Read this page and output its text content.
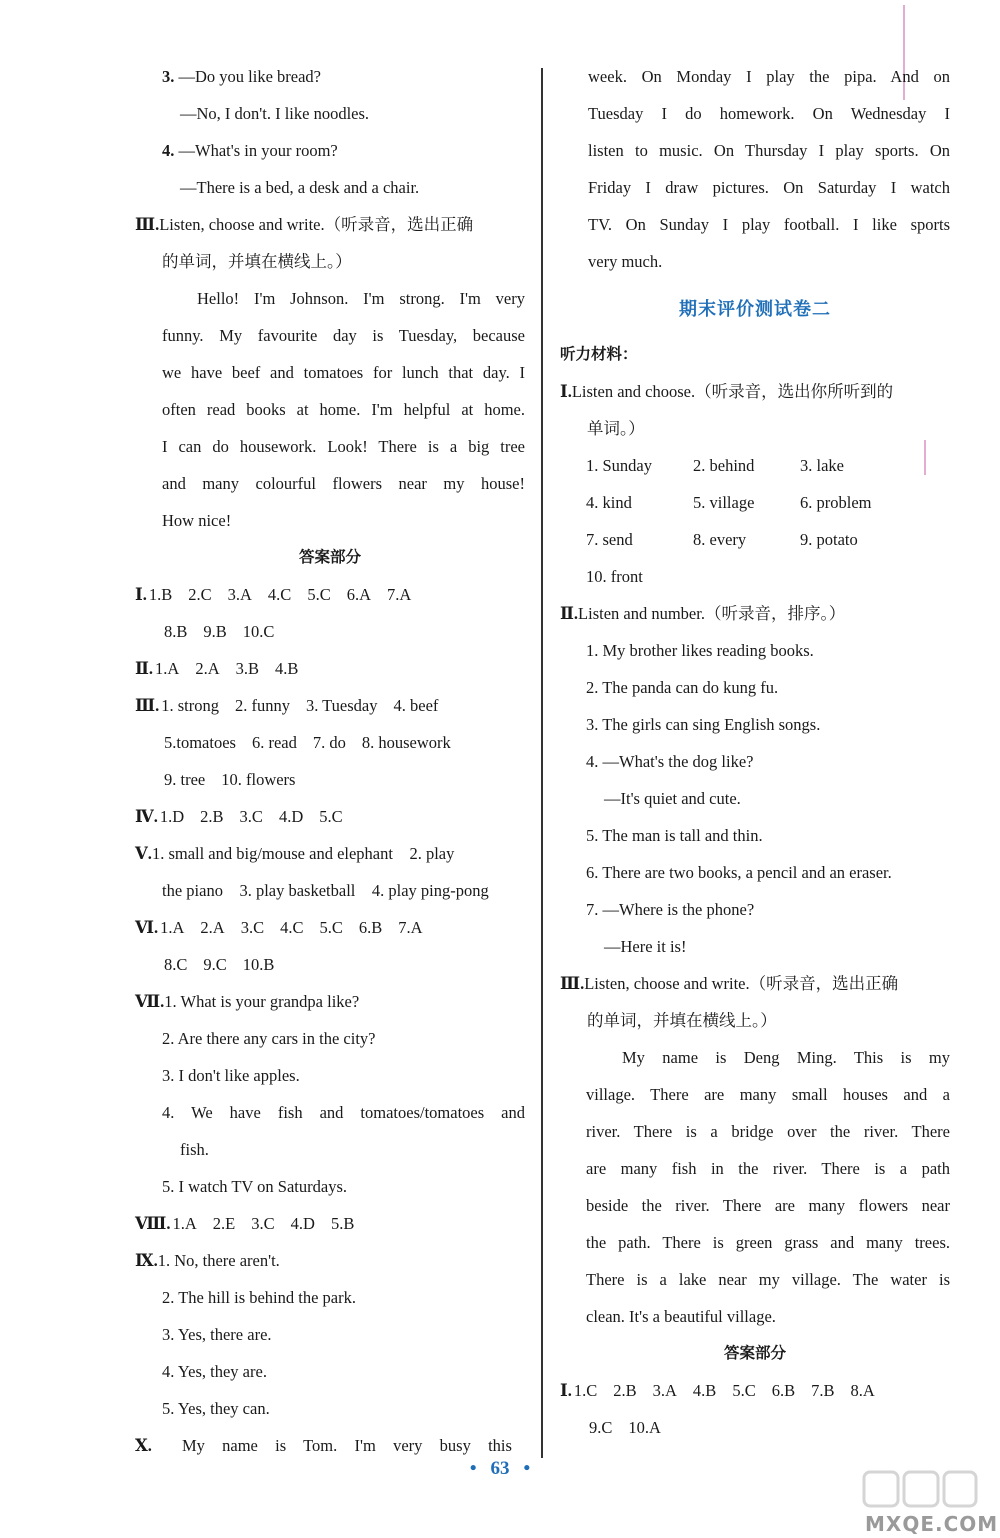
3. —Do you like bread?
—No, I don't. I like noodles.
4. —What's in your room?
—There is a bed, a desk and a chair.
Ⅲ.Listen, choose and write.（听录音，选出正确
的单词，并填在横线上。）
Hello! I'm Johnson. I'm strong. I'm very
funny. My favourite day is Tuesday, because
we have beef and tomatoes for lunch that day. I
often read books at home. I'm helpful at home.
I can do housework. Look! There is a big tree
and many colourful flowers near my house!
How nice!
答案部分
Ⅰ. 1.B 2.C 3.A 4.C 5.C 6.A 7.A
8.B 9.B 10.C
Ⅱ. 1.A 2.A 3.B 4.B
Ⅲ. 1. strong 2. funny 3. Tuesday 4. beef
5.tomatoes 6. read 7. do 8. housework
9. tree 10. flowers
Ⅳ. 1.D 2.B 3.C 4.D 5.C
Ⅴ.1. small and big/mouse and elephant　2. play
the piano　3. play basketball　4. play ping-pong
Ⅵ. 1.A 2.A 3.C 4.C 5.C 6.B 7.A
8.C 9.C 10.B
Ⅶ.1. What is your grandpa like?
2. Are there any cars in the city?
3. I don't like apples.
4. We have fish and tomatoes/tomatoes and
fish.
5. I watch TV on Saturdays.
Ⅷ. 1.A 2.E 3.C 4.D 5.B
Ⅸ.1. No, there aren't.
2. The hill is behind the park.
3. Yes, there are.
4. Yes, they are.
5. Yes, they can.
Ⅹ. My name is Tom. I'm very busy this
week. On Monday I play the pipa. And on
Tuesday I do homework. On Wednesday I
listen to music. On Thursday I play sports. On
Friday I draw pictures. On Saturday I watch
TV. On Sunday I play football. I like sports
very much.
期末评价测试卷二
听力材料：
Ⅰ.Listen and choose.（听录音，选出你所听到的
单词。）
1. Sunday 2. behind	3. lake
4. kind	5. village	6. problem
7. send	8. every	9. potato
10. front
Ⅱ.Listen and number.（听录音，排序。）
1. My brother likes reading books.
2. The panda can do kung fu.
3. The girls can sing English songs.
4. —What's the dog like?
—It's quiet and cute.
5. The man is tall and thin.
6. There are two books, a pencil and an eraser.
7. —Where is the phone?
—Here it is!
Ⅲ.Listen, choose and write.（听录音，选出正确
的单词，并填在横线上。）
My name is Deng Ming. This is my
village. There are many small houses and a
river. There is a bridge over the river. There
are many fish in the river. There is a path
beside the river. There are many flowers near
the path. There is green grass and many trees.
There is a lake near my village. The water is
clean. It's a beautiful village.
答案部分
Ⅰ. 1.C 2.B 3.A 4.B 5.C 6.B 7.B 8.A
9.C 10.A
• 63 •
MXQE.COM
